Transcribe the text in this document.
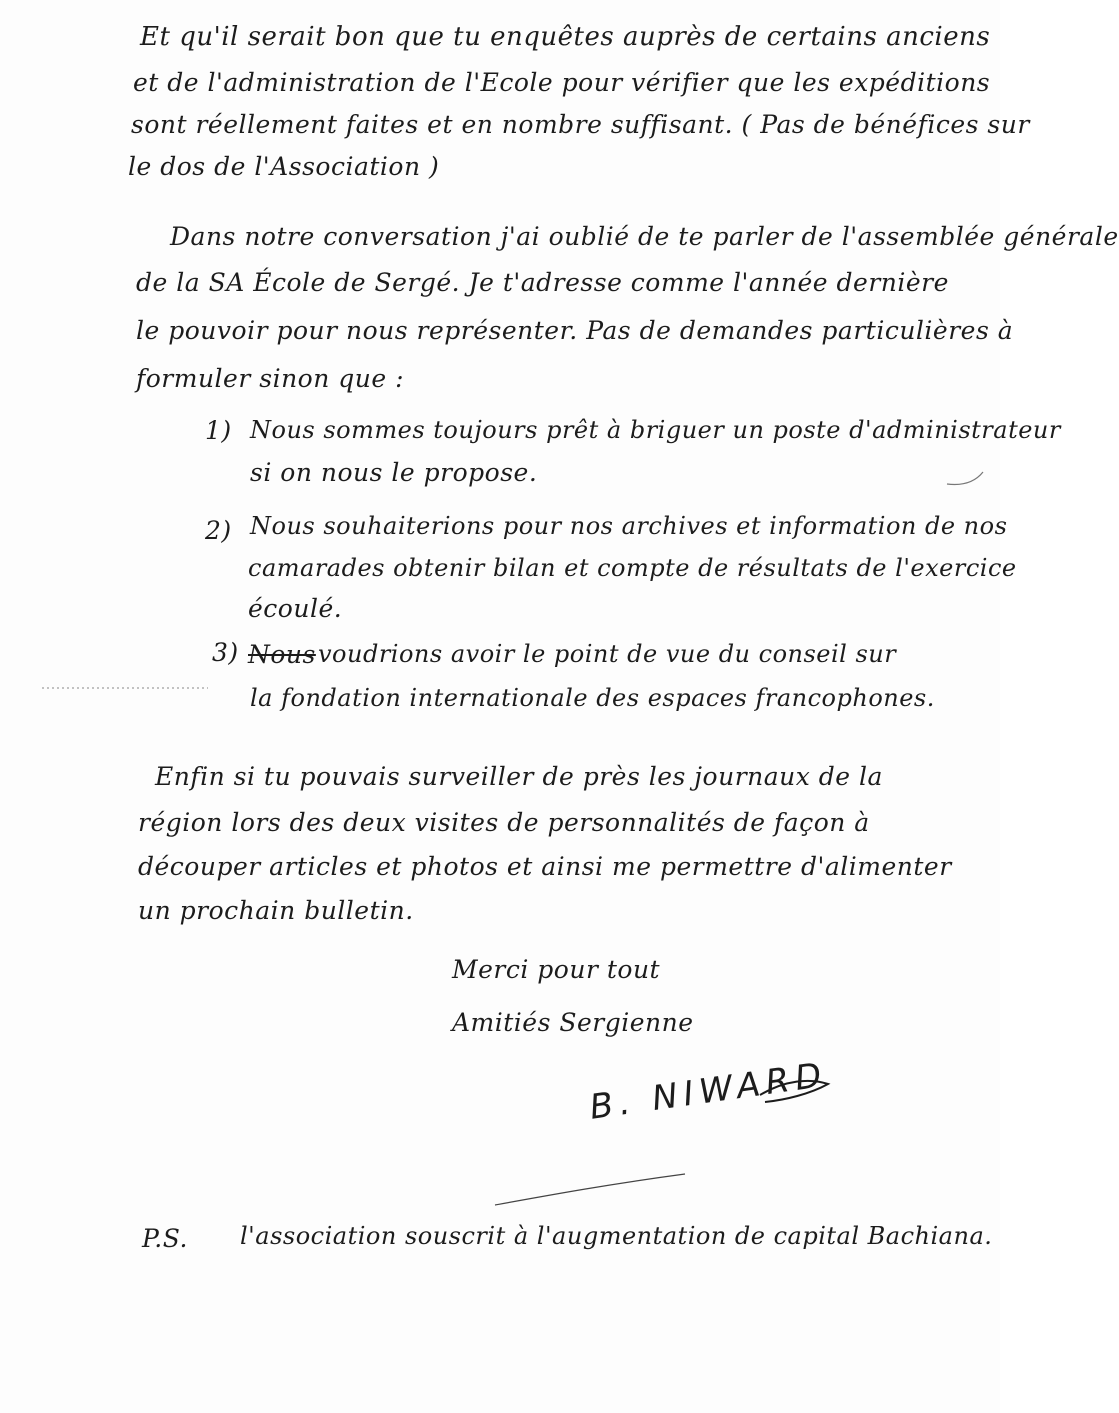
Et qu'il serait bon que tu enquêtes auprès de certains anciens
et de l'administration de l'Ecole pour vérifier que les expéditions
sont réellement faites et en nombre suffisant. ( Pas de bénéfices sur
le dos de l'Association )
Dans notre conversation j'ai oublié de te parler de l'assemblée générale
de la SA École de Sergé. Je t'adresse comme l'année dernière
le pouvoir pour nous représenter. Pas de demandes particulières à
formuler sinon que :
1) Nous sommes toujours prêt à briguer un poste d'administrateur
si on nous le propose.
2) Nous souhaiterions pour nos archives et information de nos
camarades obtenir bilan et compte de résultats de l'exercice
écoulé.
3) Nous voudrions avoir le point de vue du conseil sur
la fondation internationale des espaces francophones.
Enfin si tu pouvais surveiller de près les journaux de la
région lors des deux visites de personnalités de façon à
découper articles et photos et ainsi me permettre d'alimenter
un prochain bulletin.
Merci pour tout
Amitiés Sergienne
B. NIWARD
P.S. l'association souscrit à l'augmentation de capital Bachiana.
